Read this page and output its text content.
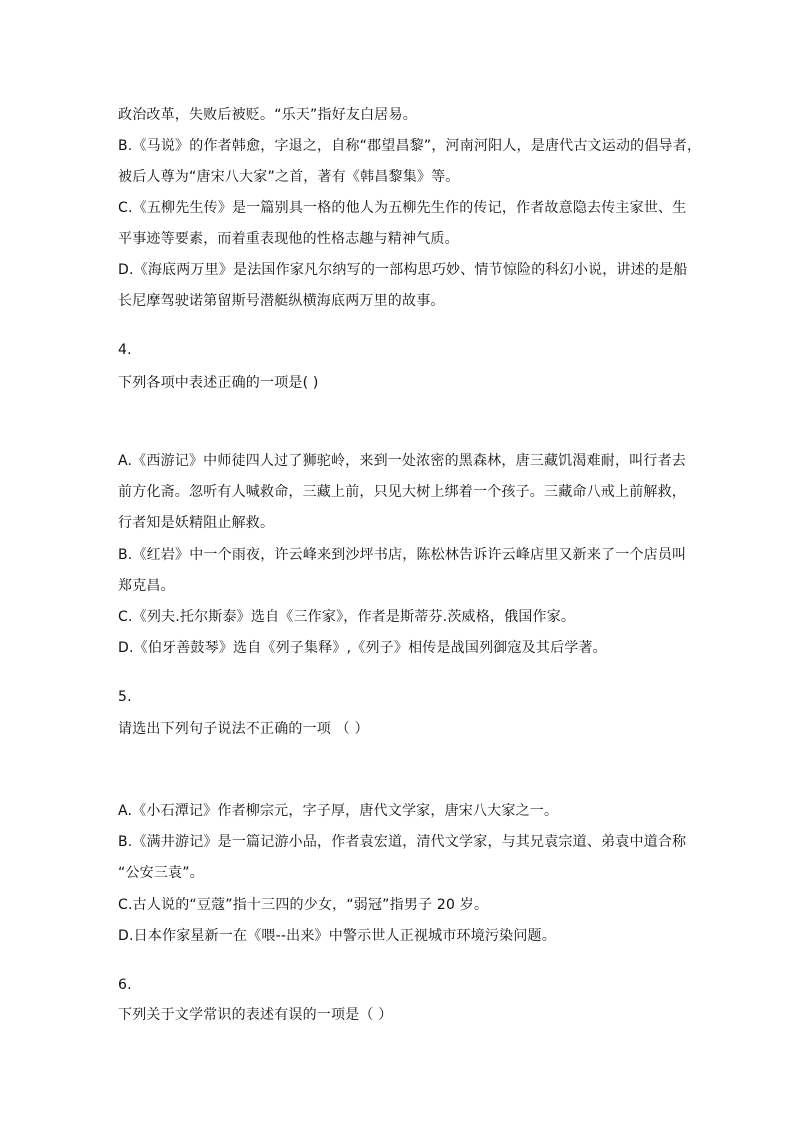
政治改革，失败后被贬。“乐天”指好友白居易。
B.《马说》的作者韩愈，字退之，自称“郡望昌黎”，河南河阳人，是唐代古文运动的倡导者，
被后人尊为“唐宋八大家”之首，著有《韩昌黎集》等。
C.《五柳先生传》是一篇别具一格的他人为五柳先生作的传记，作者故意隐去传主家世、生
平事迹等要素，而着重表现他的性格志趣与精神气质。
D.《海底两万里》是法国作家凡尔纳写的一部构思巧妙、情节惊险的科幻小说，讲述的是船
长尼摩驾驶诺第留斯号潜艇纵横海底两万里的故事。
4.
下列各项中表述正确的一项是( )
A.《西游记》中师徒四人过了狮驼岭，来到一处浓密的黑森林，唐三藏饥渴难耐，叫行者去
前方化斋。忽听有人喊救命，三藏上前，只见大树上绑着一个孩子。三藏命八戒上前解救，
行者知是妖精阻止解救。
B.《红岩》中一个雨夜，许云峰来到沙坪书店，陈松林告诉许云峰店里又新来了一个店员叫
郑克昌。
C.《列夫.托尔斯泰》选自《三作家》，作者是斯蒂芬.茨威格，俄国作家。
D.《伯牙善鼓琴》选自《列子集释》,《列子》相传是战国列御寇及其后学著。
5.
请选出下列句子说法不正确的一项 （ ）
A.《小石潭记》作者柳宗元，字子厚，唐代文学家，唐宋八大家之一。
B.《满井游记》是一篇记游小品，作者袁宏道，清代文学家，与其兄袁宗道、弟袁中道合称
“公安三袁”。
C.古人说的“豆蔻”指十三四的少女，“弱冠”指男子 20 岁。
D.日本作家星新一在《喂--出来》中警示世人正视城市环境污染问题。
6.
下列关于文学常识的表述有误的一项是（ ）
